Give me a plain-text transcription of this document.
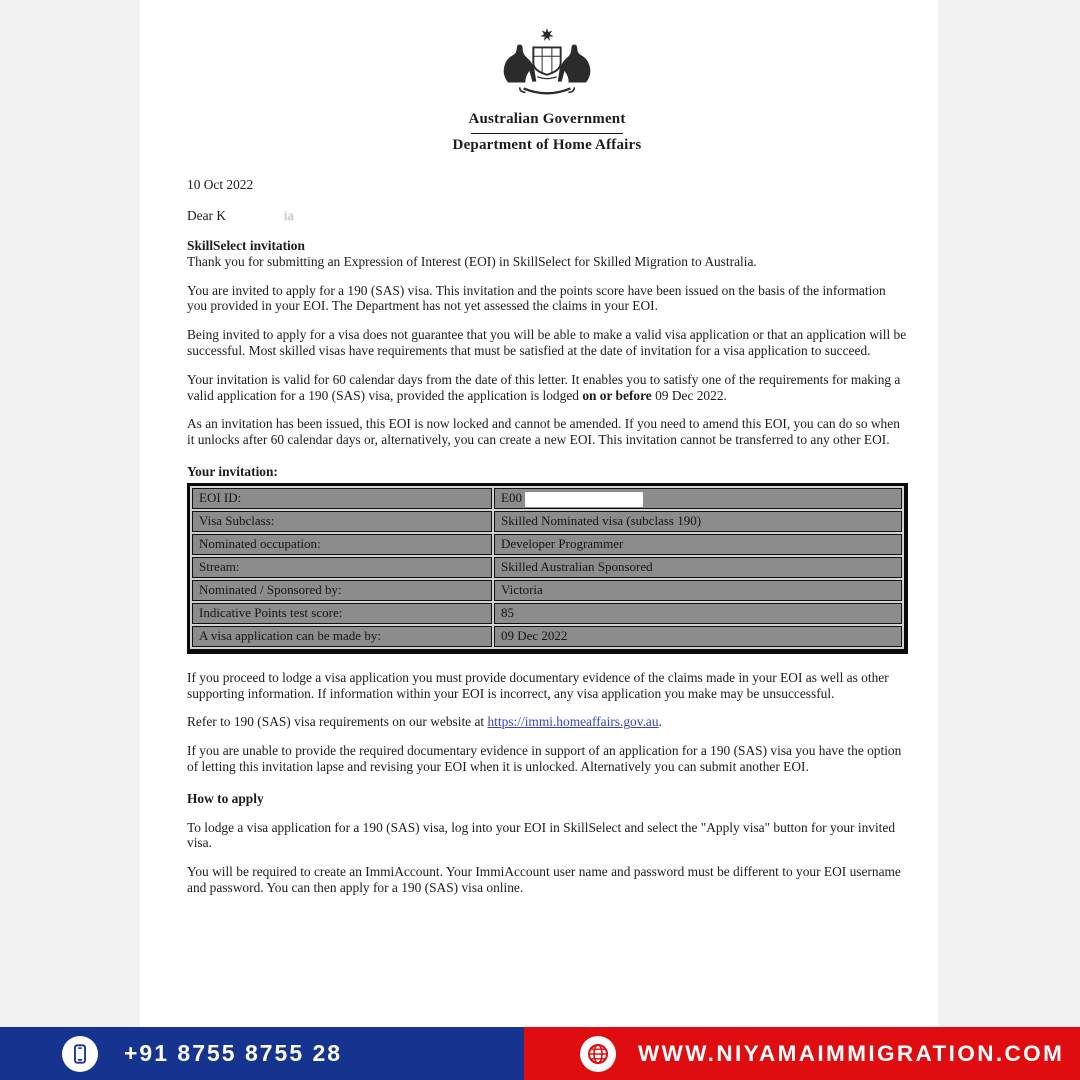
Australian Government
Department of Home Affairs
10 Oct 2022
Dear K	ia
SkillSelect invitation

Thank you for submitting an Expression of Interest (EOI) in SkillSelect for Skilled Migration to Australia.

You are invited to apply for a 190 (SAS) visa. This invitation and the points score have been issued on the basis of the information you provided in your EOI. The Department has not yet assessed the claims in your EOI.

Being invited to apply for a visa does not guarantee that you will be able to make a valid visa application or that an application will be successful. Most skilled visas have requirements that must be satisfied at the date of invitation for a visa application to succeed.

Your invitation is valid for 60 calendar days from the date of this letter. It enables you to satisfy one of the requirements for making a valid application for a 190 (SAS) visa, provided the application is lodged on or before 09 Dec 2022.

As an invitation has been issued, this EOI is now locked and cannot be amended. If you need to amend this EOI, you can do so when it unlocks after 60 calendar days or, alternatively, you can create a new EOI. This invitation cannot be transferred to any other EOI.

Your invitation:
EOI ID:	E00
Visa Subclass:	Skilled Nominated visa (subclass 190)
Nominated occupation:	Developer Programmer
Stream:	Skilled Australian Sponsored
Nominated / Sponsored by:	Victoria
Indicative Points test score:	85
A visa application can be made by:	09 Dec 2022

If you proceed to lodge a visa application you must provide documentary evidence of the claims made in your EOI as well as other supporting information. If information within your EOI is incorrect, any visa application you make may be unsuccessful.

Refer to 190 (SAS) visa requirements on our website at https://immi.homeaffairs.gov.au.

If you are unable to provide the required documentary evidence in support of an application for a 190 (SAS) visa you have the option of letting this invitation lapse and revising your EOI when it is unlocked. Alternatively you can submit another EOI.

How to apply

To lodge a visa application for a 190 (SAS) visa, log into your EOI in SkillSelect and select the "Apply visa" button for your invited visa.

You will be required to create an ImmiAccount. Your ImmiAccount user name and password must be different to your EOI username and password. You can then apply for a 190 (SAS) visa online.

+91 8755 8755 28	WWW.NIYAMAIMMIGRATION.COM
